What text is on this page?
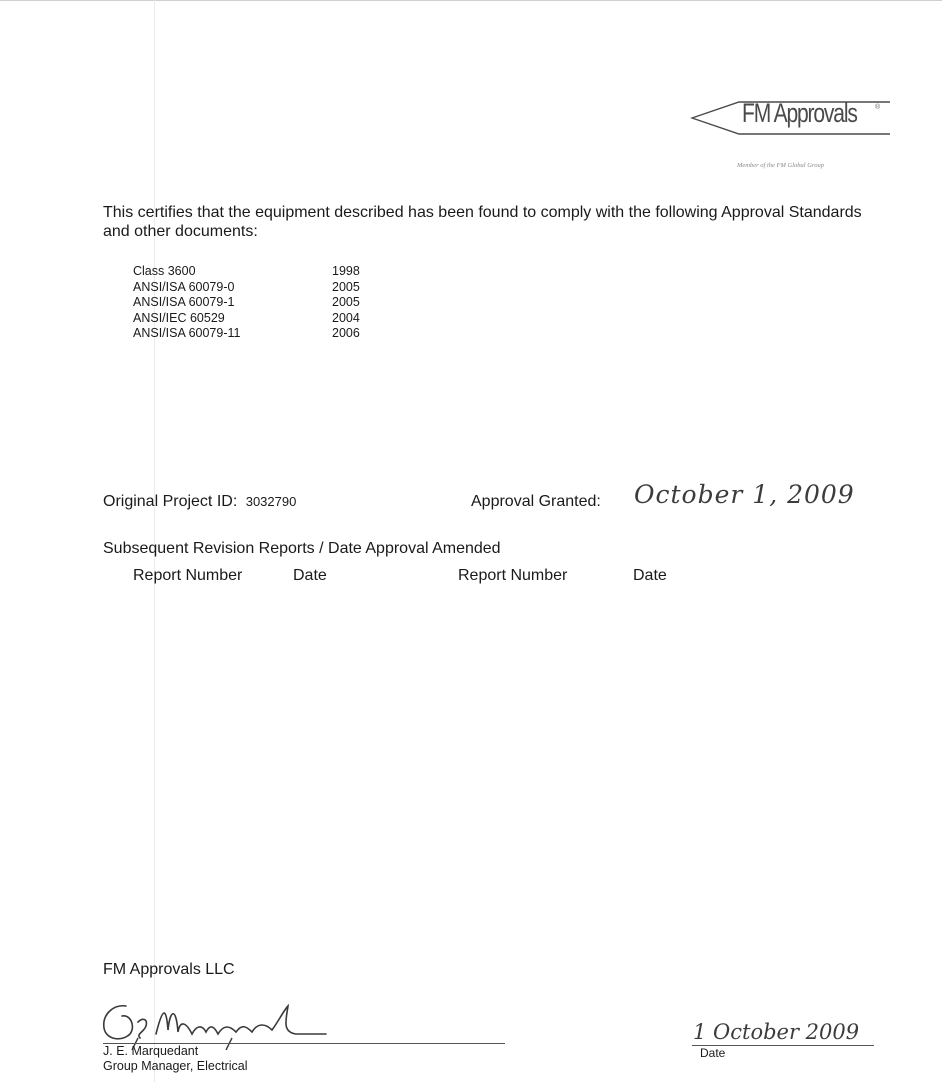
FM Approvals	®
Member of the FM Global Group
This certifies that the equipment described has been found to comply with the following Approval Standards and other documents:
Class 3600	1998
ANSI/ISA 60079-0	2005
ANSI/ISA 60079-1	2005
ANSI/IEC 60529	2004
ANSI/ISA 60079-11	2006
Original Project ID: 3032790	Approval Granted: October 1, 2009
Subsequent Revision Reports / Date Approval Amended
Report Number	Date	Report Number	Date
FM Approvals LLC
J. E. Marquedant
Group Manager, Electrical
1 October 2009
Date
